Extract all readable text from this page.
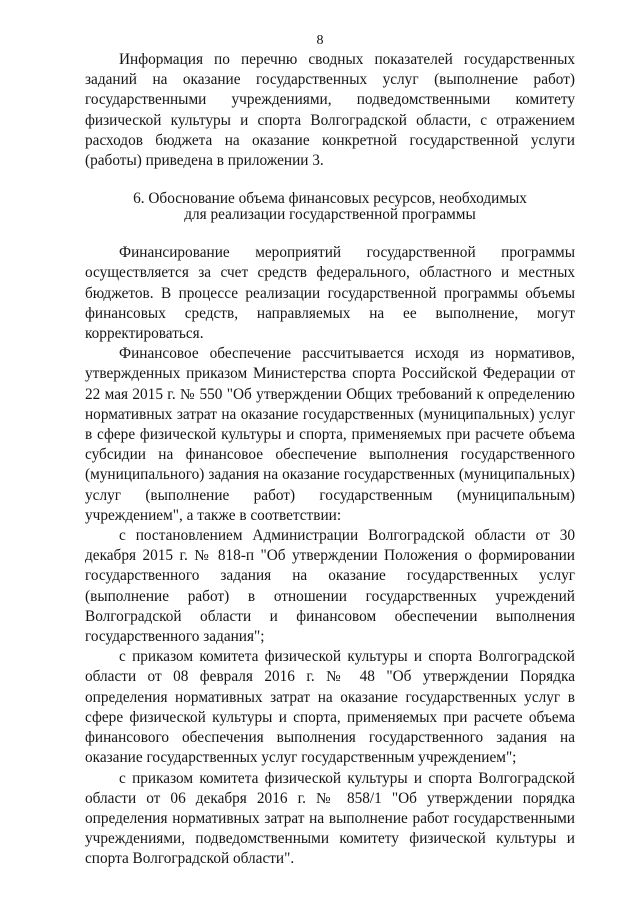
8

Информация по перечню сводных показателей государственных заданий на оказание государственных услуг (выполнение работ) государственными учреждениями, подведомственными комитету физической культуры и спорта Волгоградской области, с отражением расходов бюджета на оказание конкретной государственной услуги (работы) приведена в приложении 3.

6. Обоснование объема финансовых ресурсов, необходимых
для реализации государственной программы

Финансирование мероприятий государственной программы осуществляется за счет средств федерального, областного и местных бюджетов. В процессе реализации государственной программы объемы финансовых средств, направляемых на ее выполнение, могут корректироваться.

Финансовое обеспечение рассчитывается исходя из нормативов, утвержденных приказом Министерства спорта Российской Федерации от 22 мая 2015 г. № 550 "Об утверждении Общих требований к определению нормативных затрат на оказание государственных (муниципальных) услуг в сфере физической культуры и спорта, применяемых при расчете объема субсидии на финансовое обеспечение выполнения государственного (муниципального) задания на оказание государственных (муниципальных) услуг (выполнение работ) государственным (муниципальным) учреждением", а также в соответствии:

с постановлением Администрации Волгоградской области от 30 декабря 2015 г. № 818-п "Об утверждении Положения о формировании государственного задания на оказание государственных услуг (выполнение работ) в отношении государственных учреждений Волгоградской области и финансовом обеспечении выполнения государственного задания";

с приказом комитета физической культуры и спорта Волгоградской области от 08 февраля 2016 г. № 48 "Об утверждении Порядка определения нормативных затрат на оказание государственных услуг в сфере физической культуры и спорта, применяемых при расчете объема финансового обеспечения выполнения государственного задания на оказание государственных услуг государственным учреждением";

с приказом комитета физической культуры и спорта Волгоградской области от 06 декабря 2016 г. № 858/1 "Об утверждении порядка определения нормативных затрат на выполнение работ государственными учреждениями, подведомственными комитету физической культуры и спорта Волгоградской области".
